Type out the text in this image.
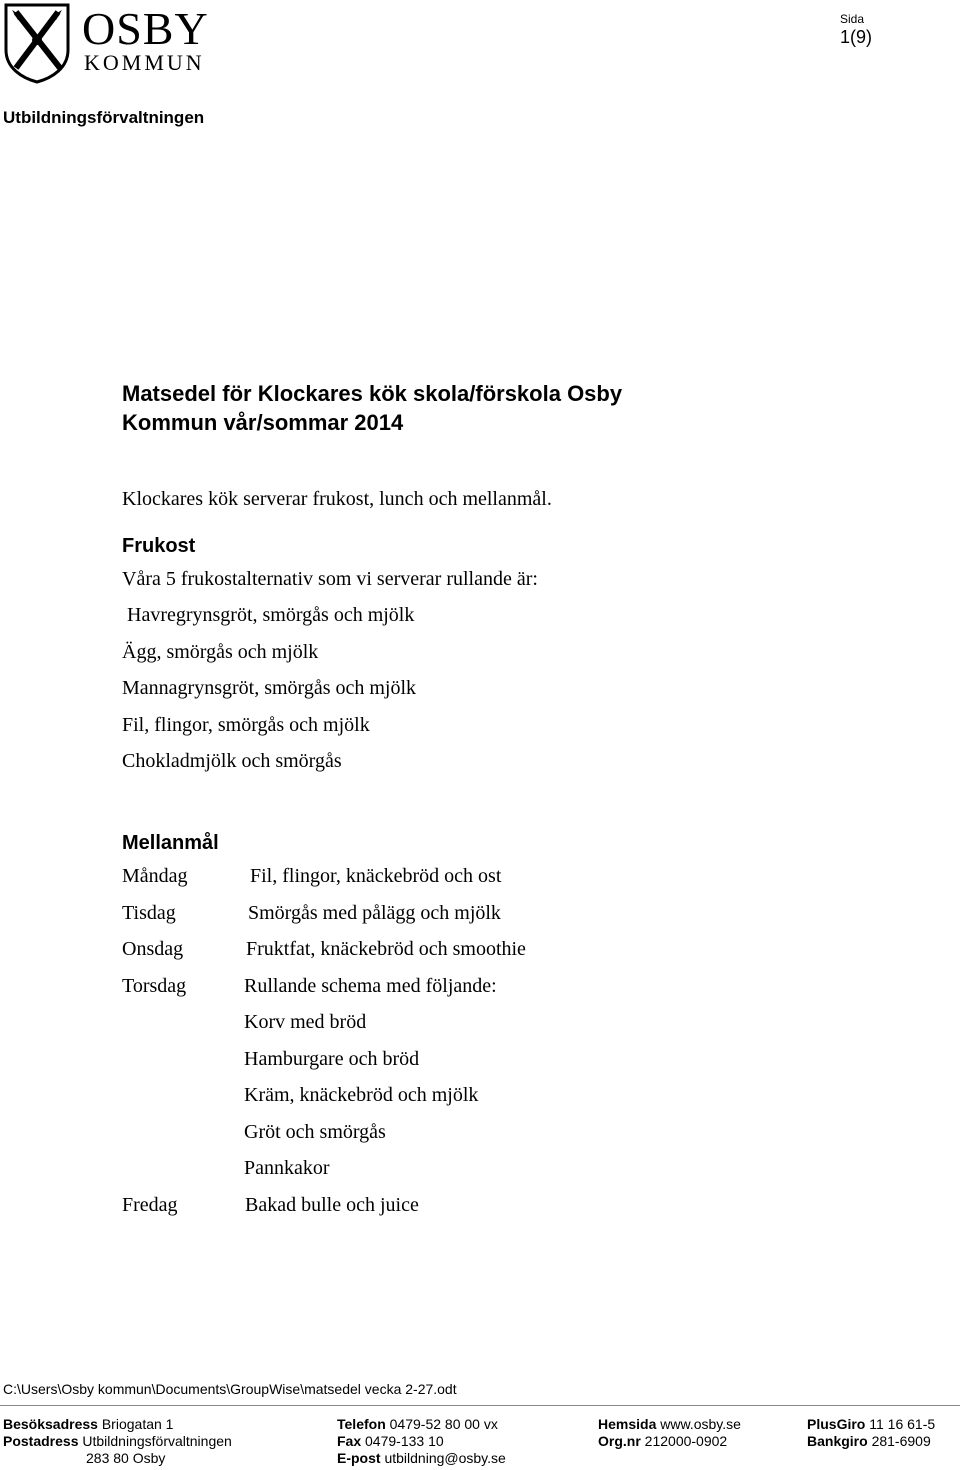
OSBY
KOMMUN
Sida
1(9)
Utbildningsförvaltningen
Matsedel för Klockares kök skola/förskola Osby
Kommun vår/sommar 2014
Klockares kök serverar frukost, lunch och mellanmål.
Frukost
Våra 5 frukostalternativ som vi serverar rullande är:
Havregrynsgröt, smörgås och mjölk
Ägg, smörgås och mjölk
Mannagrynsgröt, smörgås och mjölk
Fil, flingor, smörgås och mjölk
Chokladmjölk och smörgås
Mellanmål
Måndag
Tisdag
Onsdag
Torsdag
Fredag
Fil, flingor, knäckebröd och ost
Smörgås med pålägg och mjölk
Fruktfat, knäckebröd och smoothie
Rullande schema med följande:
Korv med bröd
Hamburgare och bröd
Kräm, knäckebröd och mjölk
Gröt och smörgås
Pannkakor
Bakad bulle och juice
C:\Users\Osby kommun\Documents\GroupWise\matsedel vecka 2-27.odt
Besöksadress Briogatan 1
Postadress Utbildningsförvaltningen
283 80 Osby
Telefon 0479-52 80 00 vx
Fax 0479-133 10
E-post utbildning@osby.se
Hemsida www.osby.se
Org.nr 212000-0902
PlusGiro 11 16 61-5
Bankgiro 281-6909
